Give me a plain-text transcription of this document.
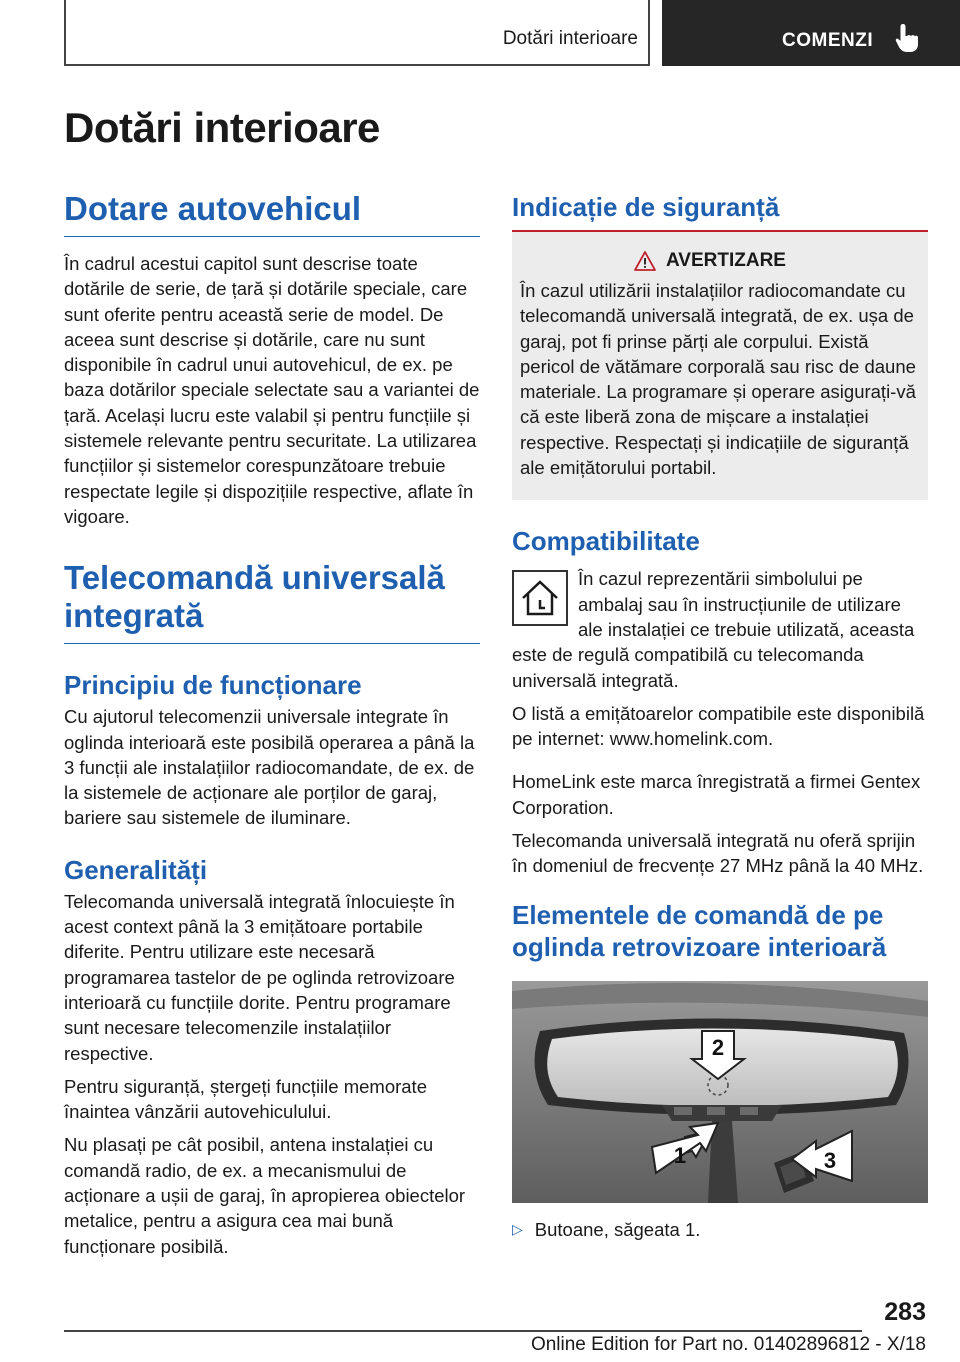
Dotări interioare	COMENZI
Dotări interioare
Dotare autovehicul

În cadrul acestui capitol sunt descrise toate dotările de serie, de țară și dotările speciale, care sunt oferite pentru această serie de model. De aceea sunt descrise și dotările, care nu sunt disponibile în cadrul unui autovehicul, de ex. pe baza dotărilor speciale selectate sau a variantei de țară. Același lucru este valabil și pentru funcțiile și sistemele relevante pentru securitate. La utilizarea funcțiilor și sistemelor corespunzătoare trebuie respectate legile și dispozițiile respective, aflate în vigoare.

Telecomandă universală integrată
Principiu de funcționare

Cu ajutorul telecomenzii universale integrate în oglinda interioară este posibilă operarea a până la 3 funcții ale instalațiilor radiocomandate, de ex. de la sistemele de acționare ale porților de garaj, bariere sau sistemele de iluminare.

Generalități

Telecomanda universală integrată înlocuiește în acest context până la 3 emițătoare portabile diferite. Pentru utilizare este necesară programarea tastelor de pe oglinda retrovizoare interioară cu funcțiile dorite. Pentru programare sunt necesare telecomenzile instalațiilor respective.

Pentru siguranță, ștergeți funcțiile memorate înaintea vânzării autovehiculului.

Nu plasați pe cât posibil, antena instalației cu comandă radio, de ex. a mecanismului de acționare a ușii de garaj, în apropierea obiectelor metalice, pentru a asigura cea mai bună funcționare posibilă.

Indicație de siguranță
AVERTIZARE

În cazul utilizării instalațiilor radiocomandate cu telecomandă universală integrată, de ex. ușa de garaj, pot fi prinse părți ale corpului. Există pericol de vătămare corporală sau risc de daune materiale. La programare și operare asigurați-vă că este liberă zona de mișcare a instalației respective. Respectați și indicațiile de siguranță ale emițătorului portabil.

Compatibilitate

În cazul reprezentării simbolului pe ambalaj sau în instrucțiunile de utilizare ale instalației ce trebuie utilizată, aceasta este de regulă compatibilă cu telecomanda universală integrată.

O listă a emițătoarelor compatibile este disponibilă pe internet: www.homelink.com.

HomeLink este marca înregistrată a firmei Gentex Corporation.

Telecomanda universală integrată nu oferă sprijin în domeniul de frecvențe 27 MHz până la 40 MHz.

Elementele de comandă de pe oglinda retrovizoare interioară
2
1	3
▷ Butoane, săgeata 1.
283
Online Edition for Part no. 01402896812 - X/18
